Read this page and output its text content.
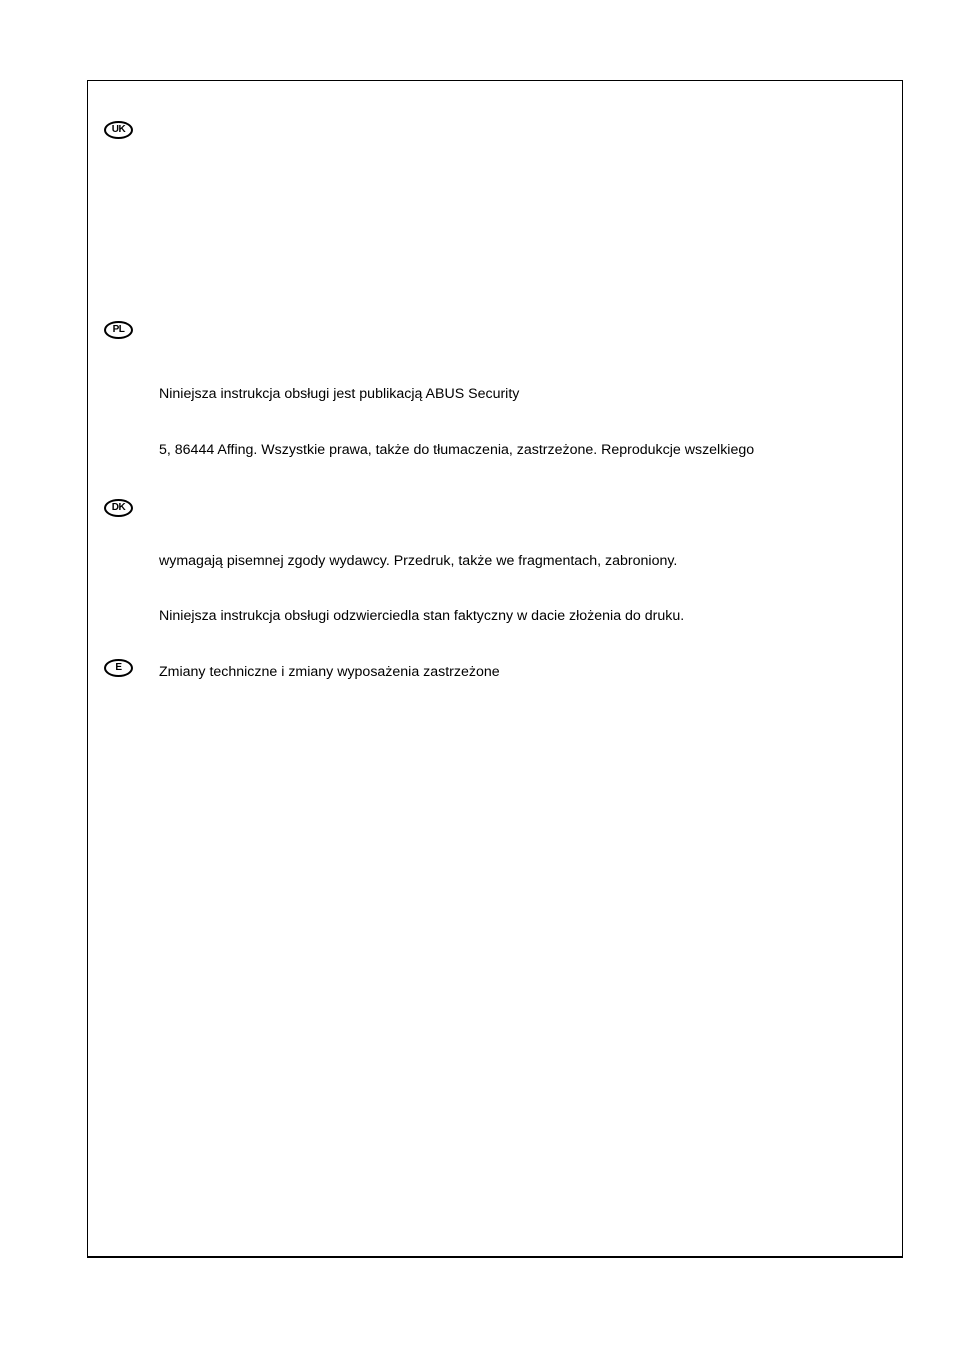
UK
PL

Niniejsza instrukcja obsługi jest publikacją ABUS Security

5, 86444 Affing. Wszystkie prawa, także do tłumaczenia, zastrzeżone. Reprodukcje wszelkiego

wymagają pisemnej zgody wydawcy. Przedruk, także we fragmentach, zabroniony.

Niniejsza instrukcja obsługi odzwierciedla stan faktyczny w dacie złożenia do druku.

Zmiany techniczne i zmiany wyposażenia zastrzeżone

DK
E
